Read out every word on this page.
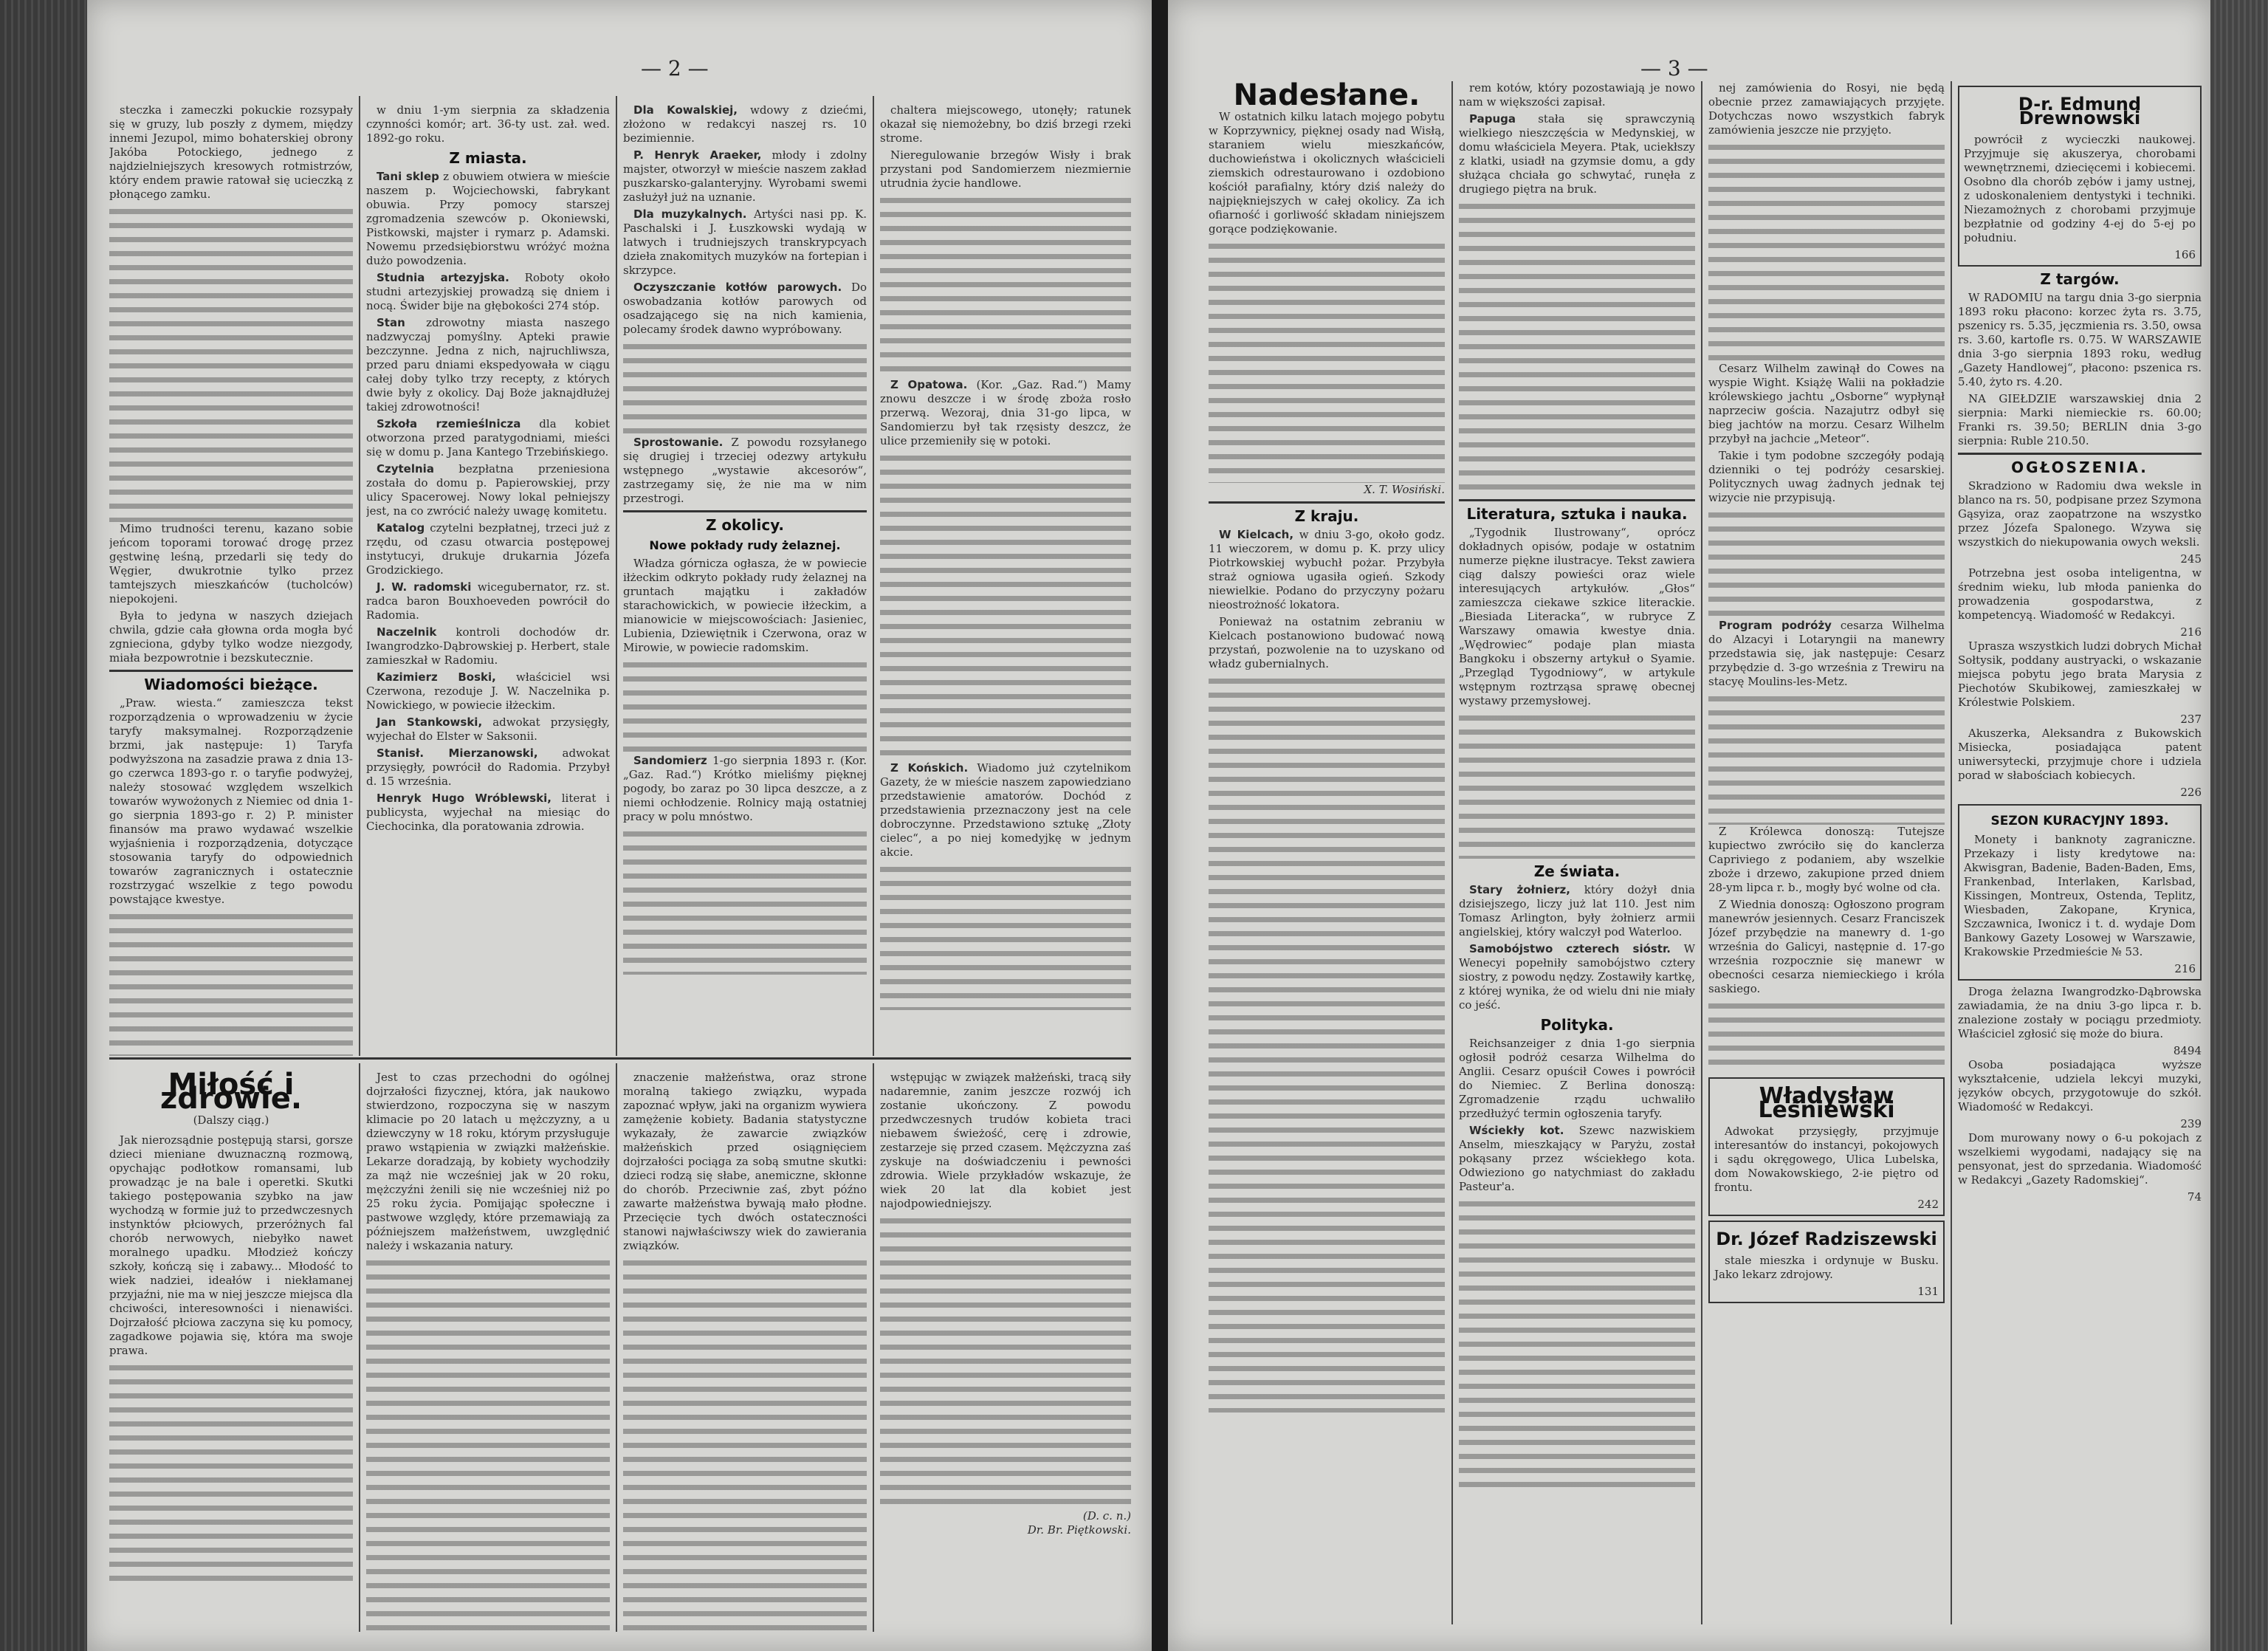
— 2 —

steczka i zameczki pokuckie rozsypały się w gruzy, lub poszły z dymem, między innemi Jezupol, mimo bohaterskiej obrony Jakóba Potockiego, jednego z najdzielniejszych kresowych rotmistrzów, który endem prawie ratował się ucieczką z płonącego zamku.

Mimo trudności terenu, kazano sobie jeńcom toporami torować drogę przez gęstwinę leśną, przedarli się tedy do Węgier, dwukrotnie tylko przez tamtejszych mieszkańców (tucholców) niepokojeni.

Była to jedyna w naszych dziejach chwila, gdzie cała głowna orda mogła być zgnieciona, gdyby tylko wodze niezgody, miała bezpowrotnie i bezskutecznie.

Wiadomości bieżące.

„Praw. wiesta.“ zamieszcza tekst rozporządzenia o wprowadzeniu w życie taryfy maksymalnej. Rozporządzenie brzmi, jak następuje: 1) Taryfa podwyższona na zasadzie prawa z dnia 13-go czerwca 1893-go r. o taryfie podwyżej, należy stosować względem wszelkich towarów wywożonych z Niemiec od dnia 1-go sierpnia 1893-go r. 2) P. minister finansów ma prawo wydawać wszelkie wyjaśnienia i rozporządzenia, dotyczące stosowania taryfy do odpowiednich towarów zagranicznych i ostatecznie rozstrzygać wszelkie z tego powodu powstające kwestye.

w dniu 1-ym sierpnia za składzenia czynności komór; art. 36-ty ust. zał. wed. 1892-go roku.

Z miasta.

Tani sklep z obuwiem otwiera w mieście naszem p. Wojciechowski, fabrykant obuwia. Przy pomocy starszej zgromadzenia szewców p. Okoniewski, Pistkowski, majster i rymarz p. Adamski. Nowemu przedsiębiorstwu wróżyć można dużo powodzenia.

Studnia artezyjska. Roboty około studni artezyjskiej prowadzą się dniem i nocą. Świder bije na głębokości 274 stóp.

Stan zdrowotny miasta naszego nadzwyczaj pomyślny. Apteki prawie bezczynne. Jedna z nich, najruchliwsza, przed paru dniami ekspedyowała w ciągu całej doby tylko trzy recepty, z których dwie były z okolicy. Daj Boże jaknajdłużej takiej zdrowotności!

Szkoła rzemieślnicza dla kobiet otworzona przed paratygodniami, mieści się w domu p. Jana Kantego Trzebińskiego.

Czytelnia bezpłatna przeniesiona została do domu p. Papierowskiej, przy ulicy Spacerowej. Nowy lokal pełniejszy jest, na co zwrócić należy uwagę komitetu.

Katalog czytelni bezpłatnej, trzeci już z rzędu, od czasu otwarcia postępowej instytucyi, drukuje drukarnia Józefa Grodzickiego.

J. W. radomski wicegubernator, rz. st. radca baron Bouxhoeveden powrócił do Radomia.

Naczelnik kontroli dochodów dr. Iwangrodzko-Dąbrowskiej p. Herbert, stale zamieszkał w Radomiu.

Kazimierz Boski, właściciel wsi Czerwona, rezoduje J. W. Naczelnika p. Nowickiego, w powiecie iłżeckim.

Jan Stankowski, adwokat przysięgły, wyjechał do Elster w Saksonii.

Stanisł. Mierzanowski, adwokat przysięgły, powrócił do Radomia. Przybył d. 15 września.

Henryk Hugo Wróblewski, literat i publicysta, wyjechał na miesiąc do Ciechocinka, dla poratowania zdrowia.

Dla Kowalskiej, wdowy z dziećmi, złożono w redakcyi naszej rs. 10 bezimiennie.

P. Henryk Araeker, młody i zdolny majster, otworzył w mieście naszem zakład puszkarsko-galanteryjny. Wyrobami swemi zasłużył już na uznanie.

Dla muzykalnych. Artyści nasi pp. K. Paschalski i J. Łuszkowski wydają w latwych i trudniejszych transkrypcyach dzieła znakomitych muzyków na fortepian i skrzypce.

Oczyszczanie kotłów parowych. Do oswobadzania kotłów parowych od osadzającego się na nich kamienia, polecamy środek dawno wypróbowany.

Sprostowanie. Z powodu rozsyłanego się drugiej i trzeciej odezwy artykułu wstępnego „wystawie akcesorów“, zastrzegamy się, że nie ma w nim przestrogi.

Z okolicy.
Nowe pokłady rudy żelaznej.

Władza górnicza ogłasza, że w powiecie iłżeckim odkryto pokłady rudy żelaznej na gruntach majątku i zakładów starachowickich, w powiecie iłżeckim, a mianowicie w miejscowościach: Jasieniec, Lubienia, Dziewiętnik i Czerwona, oraz w Mirowie, w powiecie radomskim.

Sandomierz 1-go sierpnia 1893 r. (Kor. „Gaz. Rad.“) Krótko mieliśmy pięknej pogody, bo zaraz po 30 lipca deszcze, a z niemi ochłodzenie. Rolnicy mają ostatniej pracy w polu mnóstwo.

chaltera miejscowego, utonęły; ratunek okazał się niemożebny, bo dziś brzegi rzeki strome.

Nieregulowanie brzegów Wisły i brak przystani pod Sandomierzem niezmiernie utrudnia życie handlowe.

Z Opatowa. (Kor. „Gaz. Rad.“) Mamy znowu deszcze i w środę zboża rosło przerwą. Wezoraj, dnia 31-go lipca, w Sandomierzu był tak rzęsisty deszcz, że ulice przemieniły się w potoki.

Z Końskich. Wiadomo już czytelnikom Gazety, że w mieście naszem zapowiedziano przedstawienie amatorów. Dochód z przedstawienia przeznaczony jest na cele dobroczynne. Przedstawiono sztukę „Złoty cielec“, a po niej komedyjkę w jednym akcie.

Miłość i zdrowie.
(Dalszy ciąg.)

Jak nierozsądnie postępują starsi, gorsze dzieci mieniane dwuznaczną rozmową, opychając podłotkow romansami, lub prowadząc je na bale i operetki. Skutki takiego postępowania szybko na jaw wychodzą w formie już to przedwczesnych instynktów płciowych, przeróżnych fal chorób nerwowych, niebyłko nawet moralnego upadku. Młodzież kończy szkoły, kończą się i zabawy... Młodość to wiek nadziei, ideałów i niekłamanej przyjaźni, nie ma w niej jeszcze miejsca dla chciwości, interesowności i nienawiści. Dojrzałość płciowa zaczyna się ku pomocy, zagadkowe pojawia się, która ma swoje prawa.

Jest to czas przechodni do ogólnej dojrzałości fizycznej, która, jak naukowo stwierdzono, rozpoczyna się w naszym klimacie po 20 latach u mężczyzny, a u dziewczyny w 18 roku, którym przysługuje prawo wstąpienia w związki małżeńskie. Lekarze doradzają, by kobiety wychodziły za mąż nie wcześniej jak w 20 roku, mężczyźni żenili się nie wcześniej niż po 25 roku życia. Pomijając społeczne i pastwowe względy, które przemawiają za późniejszem małżeństwem, uwzględnić należy i wskazania natury.

znaczenie małżeństwa, oraz strone moralną takiego związku, wypada zapoznać wpływ, jaki na organizm wywiera zamężenie kobiety. Badania statystyczne wykazały, że zawarcie związków małżeńskich przed osiągnięciem dojrzałości pociąga za sobą smutne skutki: dzieci rodzą się słabe, anemiczne, skłonne do chorób. Przeciwnie zaś, zbyt późno zawarte małżeństwa bywają mało płodne. Przecięcie tych dwóch ostateczności stanowi najwłaściwszy wiek do zawierania związków.

wstępując w związek małżeński, tracą siły nadaremnie, zanim jeszcze rozwój ich zostanie ukończony. Z powodu przedwczesnych trudów kobieta traci niebawem świeżość, cerę i zdrowie, zestarzeje się przed czasem. Mężczyzna zaś zyskuje na doświadczeniu i pewności zdrowia. Wiele przykładów wskazuje, że wiek 20 lat dla kobiet jest najodpowiedniejszy.

(D. c. n.)
Dr. Br. Piętkowski.
— 3 —
Nadesłane.

W ostatnich kilku latach mojego pobytu w Koprzywnicy, pięknej osady nad Wisłą, staraniem wielu mieszkańców, duchowieństwa i okolicznych właścicieli ziemskich odrestaurowano i ozdobiono kościół parafialny, który dziś należy do najpiękniejszych w całej okolicy. Za ich ofiarność i gorliwość składam niniejszem gorące podziękowanie.

X. T. Wosiński.
Z kraju.

W Kielcach, w dniu 3-go, około godz. 11 wieczorem, w domu p. K. przy ulicy Piotrkowskiej wybuchł pożar. Przybyła straż ogniowa ugasiła ogień. Szkody niewielkie. Podano do przyczyny pożaru nieostrożność lokatora.

Ponieważ na ostatnim zebraniu w Kielcach postanowiono budować nową przystań, pozwolenie na to uzyskano od władz gubernialnych.

rem kotów, który pozostawiają je nowo nam w większości zapisał.

Papuga stała się sprawczynią wielkiego nieszczęścia w Medynskiej, w domu właściciela Meyera. Ptak, uciekłszy z klatki, usiadł na gzymsie domu, a gdy służąca chciała go schwytać, runęła z drugiego piętra na bruk.

Literatura, sztuka i nauka.

„Tygodnik Ilustrowany“, oprócz dokładnych opisów, podaje w ostatnim numerze piękne ilustracye. Tekst zawiera ciąg dalszy powieści oraz wiele interesujących artykułów. „Głos“ zamieszcza ciekawe szkice literackie. „Biesiada Literacka“, w rubryce Z Warszawy omawia kwestye dnia. „Wędrowiec“ podaje plan miasta Bangkoku i obszerny artykuł o Syamie. „Przegląd Tygodniowy“, w artykule wstępnym roztrząsa sprawę obecnej wystawy przemysłowej.

Ze świata.

Stary żołnierz, który dożył dnia dzisiejszego, liczy już lat 110. Jest nim Tomasz Arlington, były żołnierz armii angielskiej, który walczył pod Waterloo.

Samobójstwo czterech sióstr. W Wenecyi popełniły samobójstwo cztery siostry, z powodu nędzy. Zostawiły kartkę, z której wynika, że od wielu dni nie miały co jeść.

Polityka.

Reichsanzeiger z dnia 1-go sierpnia ogłosił podróż cesarza Wilhelma do Anglii. Cesarz opuścił Cowes i powrócił do Niemiec. Z Berlina donoszą: Zgromadzenie rządu uchwaliło przedłużyć termin ogłoszenia taryfy.

Wściekły kot. Szewc nazwiskiem Anselm, mieszkający w Paryżu, został pokąsany przez wściekłego kota. Odwieziono go natychmiast do zakładu Pasteur'a.

nej zamówienia do Rosyi, nie będą obecnie przez zamawiających przyjęte. Dotychczas nowo wszystkich fabryk zamówienia jeszcze nie przyjęto.

Cesarz Wilhelm zawinął do Cowes na wyspie Wight. Książę Walii na pokładzie królewskiego jachtu „Osborne“ wypłynął naprzeciw gościa. Nazajutrz odbył się bieg jachtów na morzu. Cesarz Wilhelm przybył na jachcie „Meteor“.

Takie i tym podobne szczegóły podają dzienniki o tej podróży cesarskiej. Politycznych uwag żadnych jednak tej wizycie nie przypisują.

Program podróży cesarza Wilhelma do Alzacyi i Lotaryngii na manewry przedstawia się, jak następuje: Cesarz przybędzie d. 3-go września z Trewiru na stacyę Moulins-les-Metz.

Z Królewca donoszą: Tutejsze kupiectwo zwróciło się do kanclerza Capriviego z podaniem, aby wszelkie zboże i drzewo, zakupione przed dniem 28-ym lipca r. b., mogły być wolne od cła.

Z Wiednia donoszą: Ogłoszono program manewrów jesiennych. Cesarz Franciszek Józef przybędzie na manewry d. 1-go września do Galicyi, następnie d. 17-go września rozpocznie się manewr w obecności cesarza niemieckiego i króla saskiego.

Władysław Leśniewski

Adwokat przysięgły, przyjmuje interesantów do instancyi, pokojowych i sądu okręgowego, Ulica Lubelska, dom Nowakowskiego, 2-ie piętro od frontu.

242
Dr. Józef Radziszewski

stale mieszka i ordynuje w Busku. Jako lekarz zdrojowy.

131
D-r. Edmund Drewnowski

powrócił z wycieczki naukowej. Przyjmuje się akuszerya, chorobami wewnętrznemi, dziecięcemi i kobiecemi. Osobno dla chorób zębów i jamy ustnej, z udoskonaleniem dentystyki i techniki. Niezamożnych z chorobami przyjmuje bezpłatnie od godziny 4-ej do 5-ej po południu.

166
Z targów.

W RADOMIU na targu dnia 3-go sierpnia 1893 roku płacono: korzec żyta rs. 3.75, pszenicy rs. 5.35, jęczmienia rs. 3.50, owsa rs. 3.60, kartofle rs. 0.75. W WARSZAWIE dnia 3-go sierpnia 1893 roku, według „Gazety Handlowej“, płacono: pszenica rs. 5.40, żyto rs. 4.20.

NA GIEŁDZIE warszawskiej dnia 2 sierpnia: Marki niemieckie rs. 60.00; Franki rs. 39.50; BERLIN dnia 3-go sierpnia: Ruble 210.50.

OGŁOSZENIA.

Skradziono w Radomiu dwa weksle in blanco na rs. 50, podpisane przez Szymona Gąsyiza, oraz zaopatrzone na wszystko przez Józefa Spalonego. Wzywa się wszystkich do niekupowania owych weksli.

245

Potrzebna jest osoba inteligentna, w średnim wieku, lub młoda panienka do prowadzenia gospodarstwa, z kompetencyą. Wiadomość w Redakcyi.

216

Uprasza wszystkich ludzi dobrych Michał Sołtysik, poddany austryacki, o wskazanie miejsca pobytu jego brata Marysia z Piechotów Skubikowej, zamieszkałej w Królestwie Polskiem.

237

Akuszerka, Aleksandra z Bukowskich Misiecka, posiadająca patent uniwersytecki, przyjmuje chore i udziela porad w słabościach kobiecych.

226
SEZON KURACYJNY 1893.

Monety i banknoty zagraniczne. Przekazy i listy kredytowe na: Akwisgran, Badenie, Baden-Baden, Ems, Frankenbad, Interlaken, Karlsbad, Kissingen, Montreux, Ostenda, Teplitz, Wiesbaden, Zakopane, Krynica, Szczawnica, Iwonicz i t. d. wydaje Dom Bankowy Gazety Losowej w Warszawie, Krakowskie Przedmieście № 53.

216

Droga żelazna Iwangrodzko-Dąbrowska zawiadamia, że na dniu 3-go lipca r. b. znalezione zostały w pociągu przedmioty. Właściciel zgłosić się może do biura.

8494

Osoba posiadająca wyższe wykształcenie, udziela lekcyi muzyki, języków obcych, przygotowuje do szkół. Wiadomość w Redakcyi.

239

Dom murowany nowy o 6-u pokojach z wszelkiemi wygodami, nadający się na pensyonat, jest do sprzedania. Wiadomość w Redakcyi „Gazety Radomskiej“.

74
